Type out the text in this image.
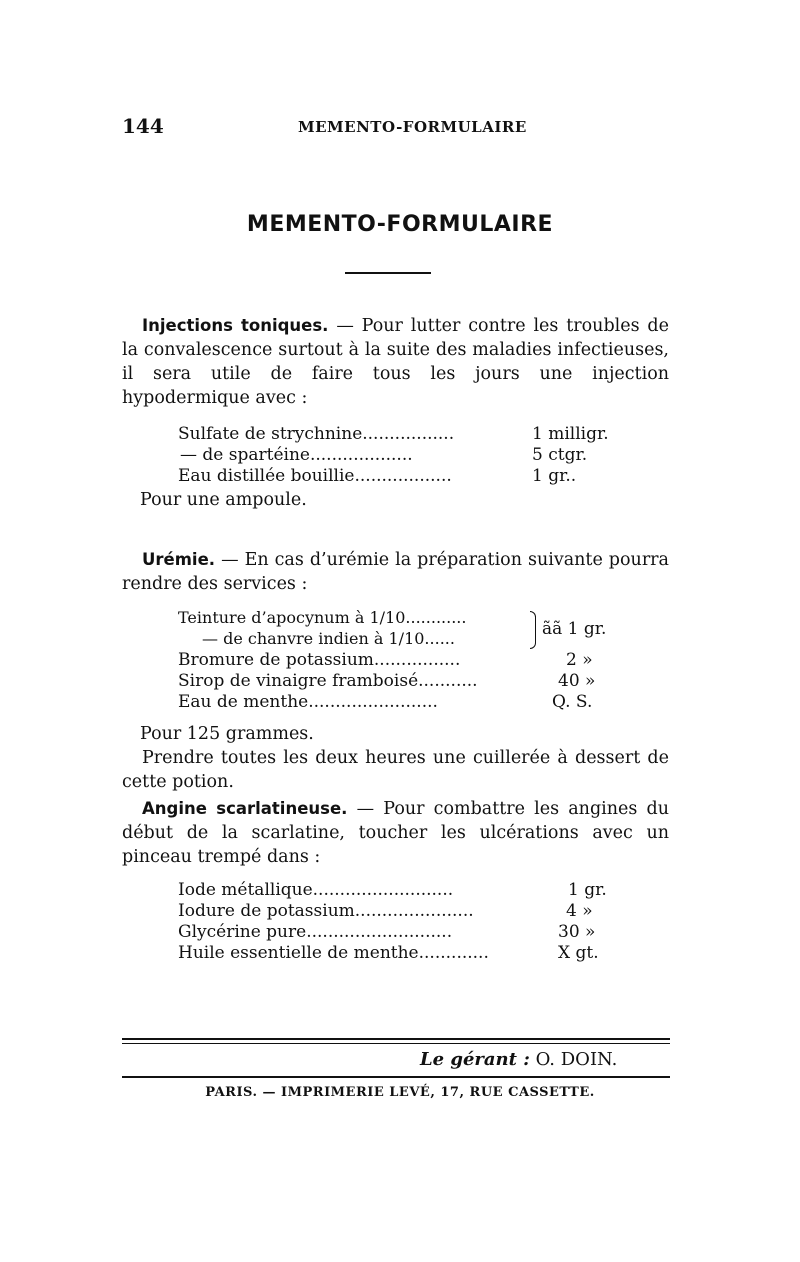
144	MEMENTO-FORMULAIRE
MEMENTO-FORMULAIRE
Injections toniques. — Pour lutter contre les troubles de la convalescence surtout à la suite des maladies infectieuses, il sera utile de faire tous les jours une injection hypodermique avec :
Sulfate de strychnine.................	1 milligr.
— de spartéine...................	5 ctgr.
Eau distillée bouillie..................	1 gr..
Pour une ampoule.
Urémie. — En cas d’urémie la préparation suivante pourra rendre des services :
Teinture d’apocynum à 1/10............
— de chanvre indien à 1/10......	ãã 1 gr.
Bromure de potassium................	2 »
Sirop de vinaigre framboisé...........	40 »
Eau de menthe........................	Q. S.
Pour 125 grammes.
Prendre toutes les deux heures une cuillerée à dessert de cette potion.
Angine scarlatineuse. — Pour combattre les angines du début de la scarlatine, toucher les ulcérations avec un pinceau trempé dans :
Iode métallique..........................	1 gr.
Iodure de potassium......................	4 »
Glycérine pure...........................	30 »
Huile essentielle de menthe.............	X gt.
Le gérant : O. DOIN.
PARIS. — IMPRIMERIE LEVÉ, 17, RUE CASSETTE.
